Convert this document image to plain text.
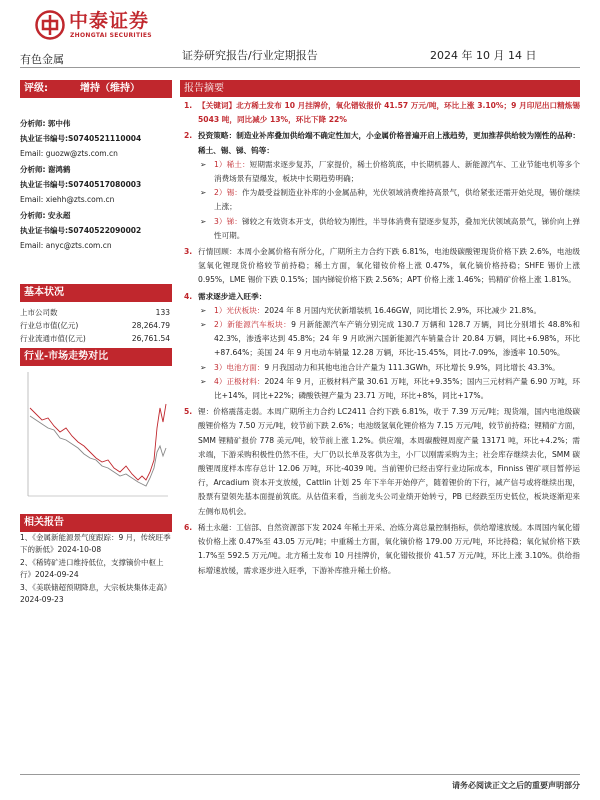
中泰证券
ZHONGTAI SECURITIES
有色金属	证券研究报告/行业定期报告	2024 年 10 月 14 日
评级:	增持（维持）
分析师: 郭中伟
执业证书编号:S0740521110004
Email: guozw@zts.com.cn
分析师: 谢鸿鹤
执业证书编号:S0740517080003
Email: xiehh@zts.com.cn
分析师: 安永超
执业证书编号:S0740522090002
Email: anyc@zts.com.cn
基本状况
上市公司数	133
行业总市值(亿元)	28,264.79
行业流通市值(亿元)	26,761.54
行业-市场走势对比
相关报告
1、《金属新能源景气度跟踪：9 月，传统旺季下的新低》2024-10-08
2、《稀铸矿进口维持低位，支撑镝价中枢上行》2024-09-24
3、《美联储超预期降息，大宗板块集体走高》2024-09-23
报告摘要
1. 【关键词】北方稀土发布 10 月挂牌价，氧化镨钕报价 41.57 万元/吨，环比上涨 3.10%；9 月印尼出口精炼锡 5043 吨，同比减少 13%，环比下降 22%
2. 投资策略：制造业补库叠加供给端不确定性加大，小金属价格普遍开启上涨趋势，更加推荐供给较为刚性的品种：稀土、锡、锑、钨等：
➢ 1）稀土：短期需求逐步复苏，厂家提价，稀土价格筑底，中长期机器人、新能源汽车、工业节能电机等多个消费场景有望爆发，板块中长期趋势明确；
➢ 2）锡：作为最受益制造业补库的小金属品种，光伏领域消费维持高景气，供给紧张还需开始兑现，锡价继续上涨；
➢ 3）锑：锑较之有效资本开支，供给较为刚性，半导体消费有望逐步复苏，叠加光伏领域高景气，锑价向上弹性可期。
3. 行情回顾：本周小金属价格有所分化，广期所主力合约下跌 6.81%，电池级碳酸锂现货价格下跌 2.6%，电池级氢氧化锂现货价格较节前持稳；稀土方面，氧化镨钕价格上涨 0.47%，氧化镝价格持稳；SHFE 锡价上涨 0.95%，LME 锡价下跌 0.15%；国内锑锭价格下跌 2.56%；APT 价格上涨 1.46%；钨精矿价格上涨 1.81%。
4. 需求逐步进入旺季：
➢ 1）光伏板块：2024 年 8 月国内光伏新增装机 16.46GW，同比增长 2.9%，环比减少 21.8%。
➢ 2）新能源汽车板块：9 月新能源汽车产销分别完成 130.7 万辆和 128.7 万辆，同比分别增长 48.8%和 42.3%，渗透率达到 45.8%；24 年 9 月欧洲六国新能源汽车销量合计 20.84 万辆，同比+6.98%，环比+87.64%；美国 24 年 9 月电动车销量 12.28 万辆，环比-15.45%，同比-7.09%，渗透率 10.50%。
➢ 3）电池方面：9 月我国动力和其他电池合计产量为 111.3GWh，环比增长 9.9%，同比增长 43.3%。
➢ 4）正极材料：2024 年 9 月，正极材料产量 30.61 万吨，环比+9.35%；国内三元材料产量 6.90 万吨，环比+14%，同比+22%；磷酸铁锂产量为 23.71 万吨，环比+8%，同比+17%。
5. 锂：价格震荡走弱。本周广期所主力合约 LC2411 合约下跌 6.81%，收于 7.39 万元/吨；现货端，国内电池级碳酸锂价格为 7.50 万元/吨，较节前下跌 2.6%；电池级氢氧化锂价格为 7.15 万元/吨，较节前持稳；锂精矿方面，SMM 锂精矿报价 778 美元/吨，较节前上涨 1.2%。供应端，本周碳酸锂周度产量 13171 吨，环比+4.2%；需求端，下游采购积极性仍然不佳，大厂仍以长单及客供为主，小厂以刚需采购为主；社会库存继续去化，SMM 碳酸锂周度样本库存总计 12.06 万吨，环比-4039 吨。当前锂价已经击穿行业边际成本，Finniss 锂矿项目暂停运行，Arcadium 资本开支放缓，Cattlin 计划 25 年下半年开始停产，随着锂价的下行，减产信号或将继续出现，股票有望领先基本面提前筑底。从估值来看，当前龙头公司业绩开始转亏，PB 已经跌至历史低位，板块逐渐迎来左侧布局机会。
6. 稀土永磁：工信部、自然资源部下发 2024 年稀土开采、冶炼分离总量控制指标，供给增速放缓。本周国内氧化镨钕价格上涨 0.47%至 43.05 万元/吨；中重稀土方面，氧化镝价格 179.00 万元/吨，环比持稳；氧化铽价格下跌 1.7%至 592.5 万元/吨。北方稀土发布 10 月挂牌价，氧化镨钕报价 41.57 万元/吨，环比上涨 3.10%。供给指标增速放缓，需求逐步进入旺季，下游补库推升稀土价格。
请务必阅读正文之后的重要声明部分
